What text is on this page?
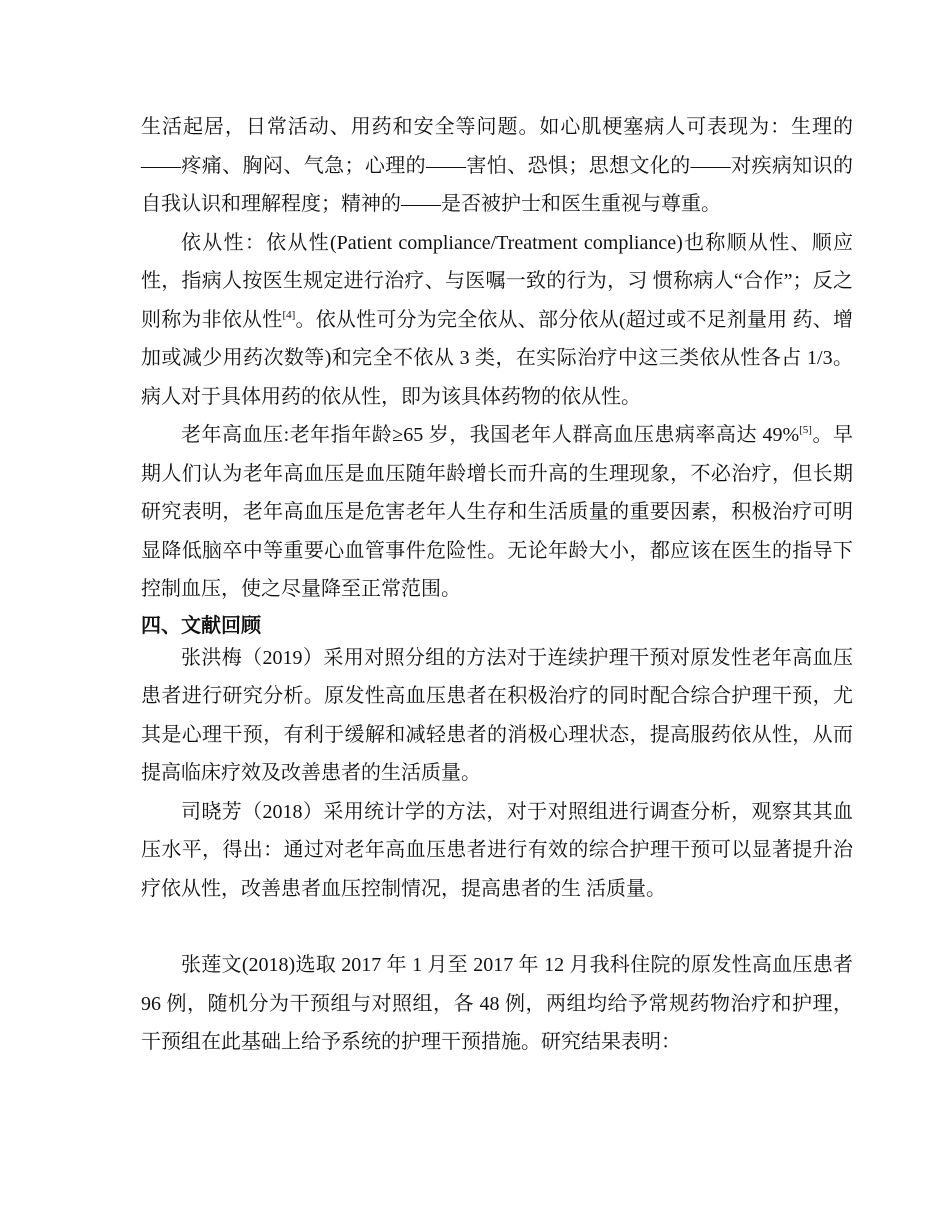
生活起居，日常活动、用药和安全等问题。如心肌梗塞病人可表现为：生理的——疼痛、胸闷、气急；心理的——害怕、恐惧；思想文化的——对疾病知识的自我认识和理解程度；精神的——是否被护士和医生重视与尊重。

依从性：依从性(Patient compliance/Treatment compliance)也称顺从性、顺应性，指病人按医生规定进行治疗、与医嘱一致的行为，习 惯称病人“合作”；反之则称为非依从性[4]。依从性可分为完全依从、部分依从(超过或不足剂量用 药、增加或减少用药次数等)和完全不依从 3 类，在实际治疗中这三类依从性各占 1/3。 病人对于具体用药的依从性，即为该具体药物的依从性。

老年高血压:老年指年龄≥65 岁，我国老年人群高血压患病率高达 49%[5]。早期人们认为老年高血压是血压随年龄增长而升高的生理现象，不必治疗，但长期研究表明，老年高血压是危害老年人生存和生活质量的重要因素，积极治疗可明显降低脑卒中等重要心血管事件危险性。无论年龄大小，都应该在医生的指导下控制血压，使之尽量降至正常范围。

四、文献回顾

张洪梅（2019）采用对照分组的方法对于连续护理干预对原发性老年高血压患者进行研究分析。原发性高血压患者在积极治疗的同时配合综合护理干预，尤其是心理干预，有利于缓解和减轻患者的消极心理状态，提高服药依从性，从而提高临床疗效及改善患者的生活质量。

司晓芳（2018）采用统计学的方法，对于对照组进行调查分析，观察其其血压水平，得出：通过对老年高血压患者进行有效的综合护理干预可以显著提升治疗依从性，改善患者血压控制情况，提高患者的生 活质量。

张莲文(2018)选取 2017 年 1 月至 2017 年 12 月我科住院的原发性高血压患者 96 例，随机分为干预组与对照组，各 48 例，两组均给予常规药物治疗和护理，干预组在此基础上给予系统的护理干预措施。研究结果表明：
